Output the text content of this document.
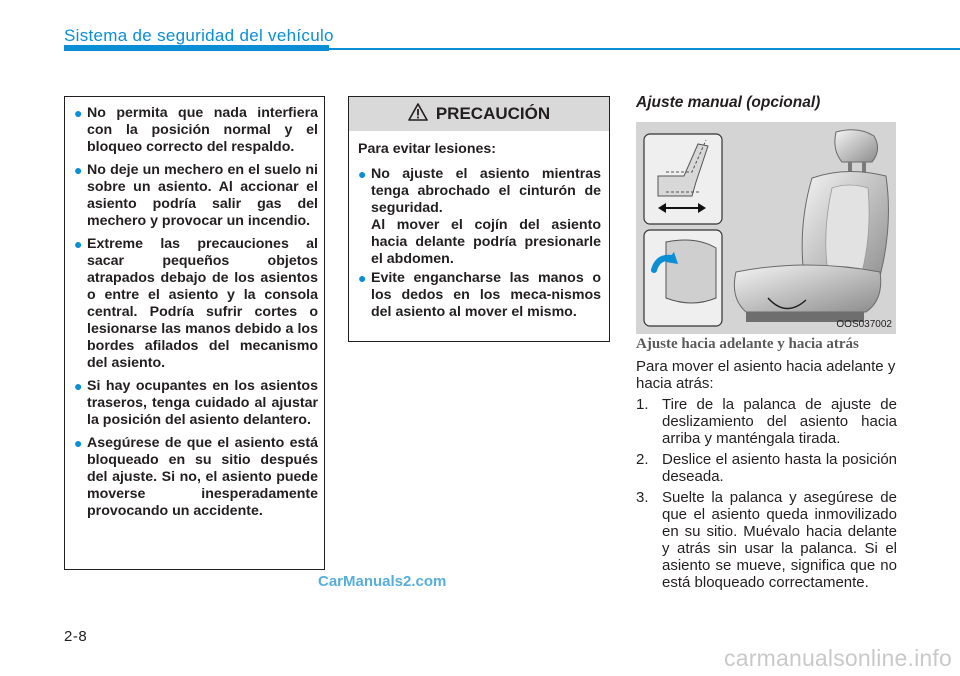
Sistema de seguridad del vehículo
● No permita que nada interfiera con la posición normal y el bloqueo correcto del respaldo.
● No deje un mechero en el suelo ni sobre un asiento. Al accionar el asiento podría salir gas del mechero y provocar un incendio.
● Extreme las precauciones al sacar pequeños objetos atrapados debajo de los asientos o entre el asiento y la consola central. Podría sufrir cortes o lesionarse las manos debido a los bordes afilados del mecanismo del asiento.
● Si hay ocupantes en los asientos traseros, tenga cuidado al ajustar la posición del asiento delantero.
● Asegúrese de que el asiento está bloqueado en su sitio después del ajuste. Si no, el asiento puede moverse inesperadamente provocando un accidente.
PRECAUCIÓN

Para evitar lesiones:

● No ajuste el asiento mientras tenga abrochado el cinturón de seguridad.
Al mover el cojín del asiento hacia delante podría presionarle el abdomen.
● Evite engancharse las manos o los dedos en los meca-nismos del asiento al mover el mismo.
Ajuste manual (opcional)
OOS037002
Ajuste hacia adelante y hacia atrás

Para mover el asiento hacia adelante y hacia atrás:

1. Tire de la palanca de ajuste de deslizamiento del asiento hacia arriba y manténgala tirada.
2. Deslice el asiento hasta la posición deseada.
3. Suelte la palanca y asegúrese de que el asiento queda inmovilizado en su sitio. Muévalo hacia delante y atrás sin usar la palanca. Si el asiento se mueve, significa que no está bloqueado correctamente.
CarManuals2.com
2-8
carmanualsonline.info
